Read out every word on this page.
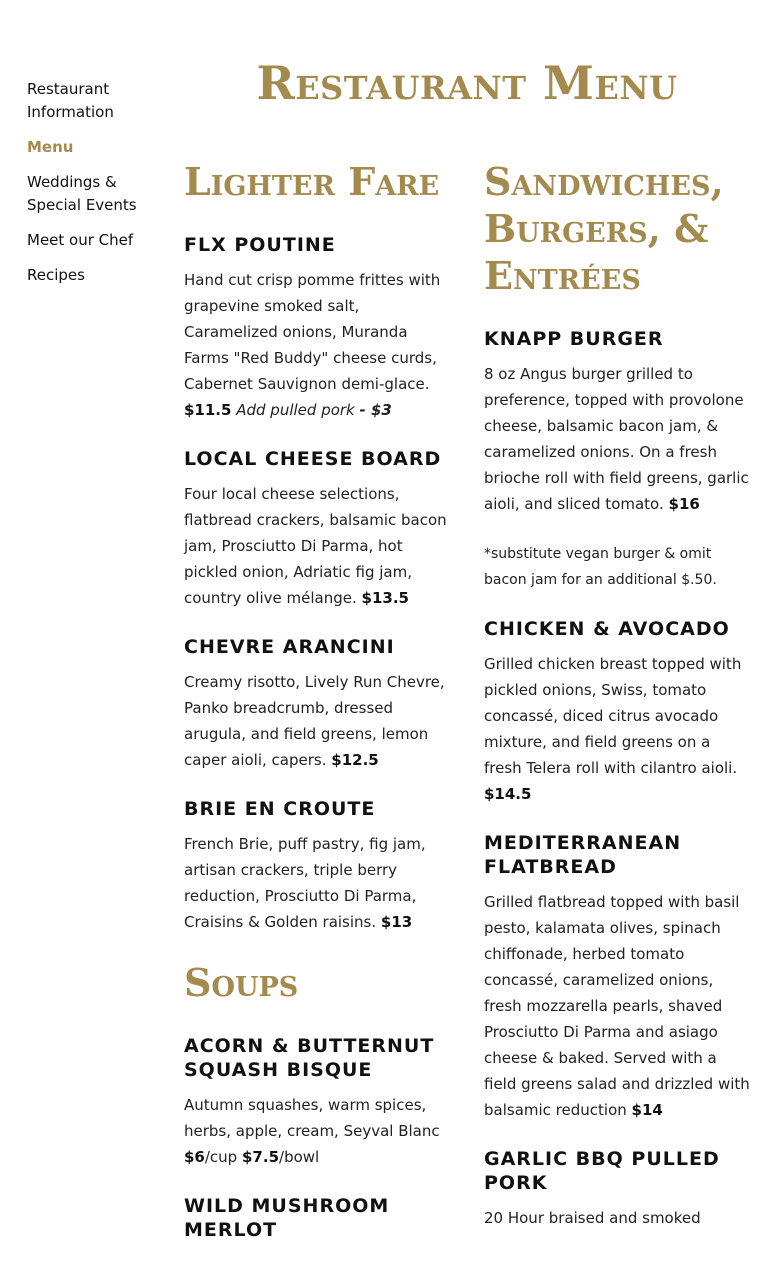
Restaurant Information
Menu
Weddings & Special Events
Meet our Chef
Recipes
Restaurant Menu
Lighter Fare
FLX POUTINE

Hand cut crisp pomme frittes with grapevine smoked salt, Caramelized onions, Muranda Farms "Red Buddy" cheese curds, Cabernet Sauvignon demi-glace.
$11.5 Add pulled pork - $3

LOCAL CHEESE BOARD

Four local cheese selections, flatbread crackers, balsamic bacon jam, Prosciutto Di Parma, hot pickled onion, Adriatic fig jam, country olive mélange. $13.5

CHEVRE ARANCINI

Creamy risotto, Lively Run Chevre, Panko breadcrumb, dressed arugula, and field greens, lemon caper aioli, capers. $12.5

BRIE EN CROUTE

French Brie, puff pastry, fig jam, artisan crackers, triple berry reduction, Prosciutto Di Parma, Craisins & Golden raisins. $13

Soups
ACORN & BUTTERNUT SQUASH BISQUE

Autumn squashes, warm spices, herbs, apple, cream, Seyval Blanc $6/cup $7.5/bowl

WILD MUSHROOM MERLOT
Sandwiches, Burgers, & Entrées
KNAPP BURGER

8 oz Angus burger grilled to preference, topped with provolone cheese, balsamic bacon jam, & caramelized onions. On a fresh brioche roll with field greens, garlic aioli, and sliced tomato. $16

*substitute vegan burger & omit bacon jam for an additional $.50.

CHICKEN & AVOCADO

Grilled chicken breast topped with pickled onions, Swiss, tomato concassé, diced citrus avocado mixture, and field greens on a fresh Telera roll with cilantro aioli. $14.5

MEDITERRANEAN FLATBREAD

Grilled flatbread topped with basil pesto, kalamata olives, spinach chiffonade, herbed tomato concassé, caramelized onions, fresh mozzarella pearls, shaved Prosciutto Di Parma and asiago cheese & baked. Served with a field greens salad and drizzled with balsamic reduction $14

GARLIC BBQ PULLED PORK

20 Hour braised and smoked
